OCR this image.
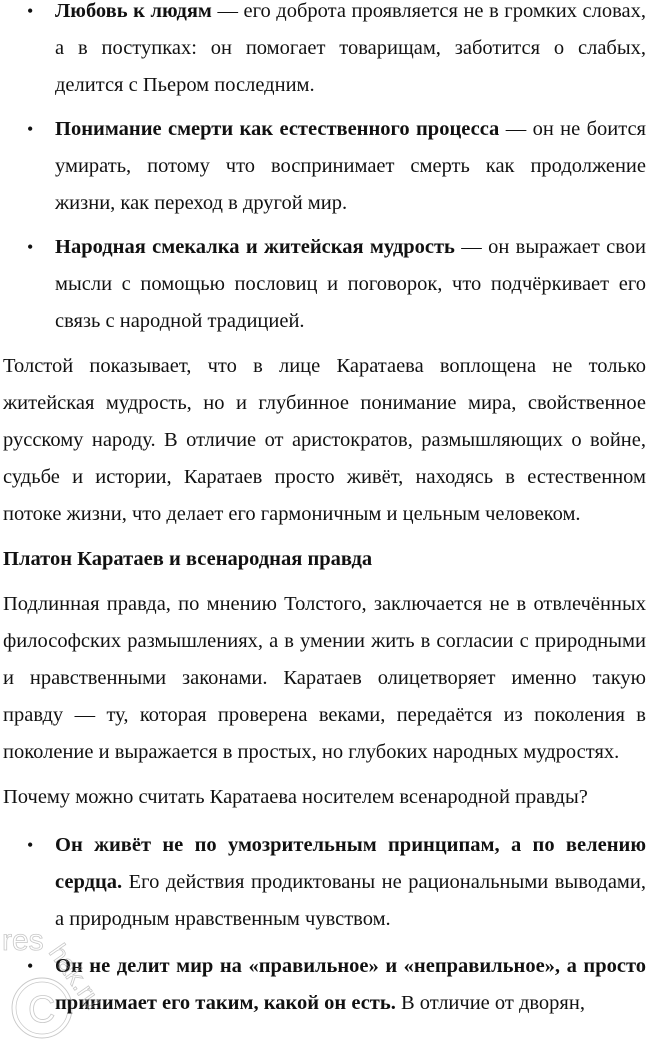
• Любовь к людям — его доброта проявляется не в громких словах, а в поступках: он помогает товарищам, заботится о слабых, делится с Пьером последним.
• Понимание смерти как естественного процесса — он не боится умирать, потому что воспринимает смерть как продолжение жизни, как переход в другой мир.
• Народная смекалка и житейская мудрость — он выражает свои мысли с помощью пословиц и поговорок, что подчёркивает его связь с народной традицией.

Толстой показывает, что в лице Каратаева воплощена не только житейская мудрость, но и глубинное понимание мира, свойственное русскому народу. В отличие от аристократов, размышляющих о войне, судьбе и истории, Каратаев просто живёт, находясь в естественном потоке жизни, что делает его гармоничным и цельным человеком.

Платон Каратаев и всенародная правда

Подлинная правда, по мнению Толстого, заключается не в отвлечённых философских размышлениях, а в умении жить в согласии с природными и нравственными законами. Каратаев олицетворяет именно такую правду — ту, которая проверена веками, передаётся из поколения в поколение и выражается в простых, но глубоких народных мудростях.

Почему можно считать Каратаева носителем всенародной правды?

• Он живёт не по умозрительным принципам, а по велению сердца. Его действия продиктованы не рациональными выводами, а природным нравственным чувством.
• Он не делит мир на «правильное» и «неправильное», а просто принимает его таким, какой он есть. В отличие от дворян,
res hak.ru
C
